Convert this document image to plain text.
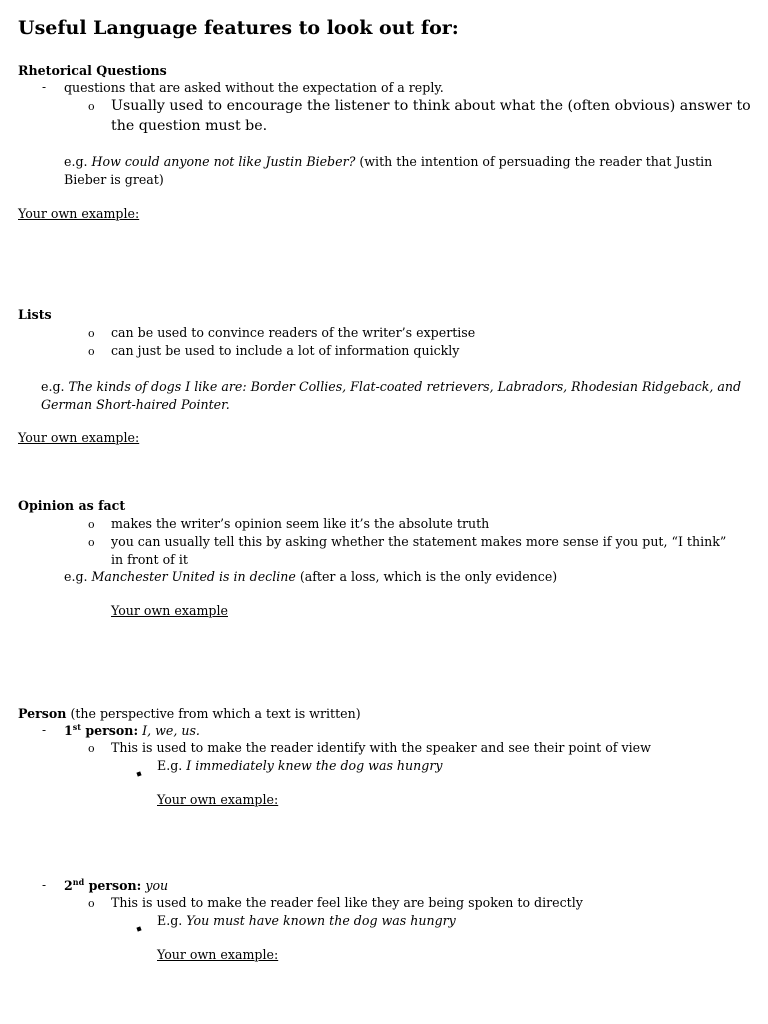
Useful Language features to look out for:
Rhetorical Questions
- questions that are asked without the expectation of a reply.
o Usually used to encourage the listener to think about what the (often obvious) answer to
the question must be.
e.g. How could anyone not like Justin Bieber? (with the intention of persuading the reader that Justin
Bieber is great)
Your own example:
Lists
o can be used to convince readers of the writer’s expertise
o can just be used to include a lot of information quickly
e.g. The kinds of dogs I like are: Border Collies, Flat-coated retrievers, Labradors, Rhodesian Ridgeback, and
German Short-haired Pointer.
Your own example:
Opinion as fact
o makes the writer’s opinion seem like it’s the absolute truth
o you can usually tell this by asking whether the statement makes more sense if you put, “I think”
in front of it
e.g. Manchester United is in decline (after a loss, which is the only evidence)
Your own example
Person (the perspective from which a text is written)
- 1st person: I, we, us.
o This is used to make the reader identify with the speaker and see their point of view
E.g. I immediately knew the dog was hungry
Your own example:
- 2nd person: you
o This is used to make the reader feel like they are being spoken to directly
E.g. You must have known the dog was hungry
Your own example:
